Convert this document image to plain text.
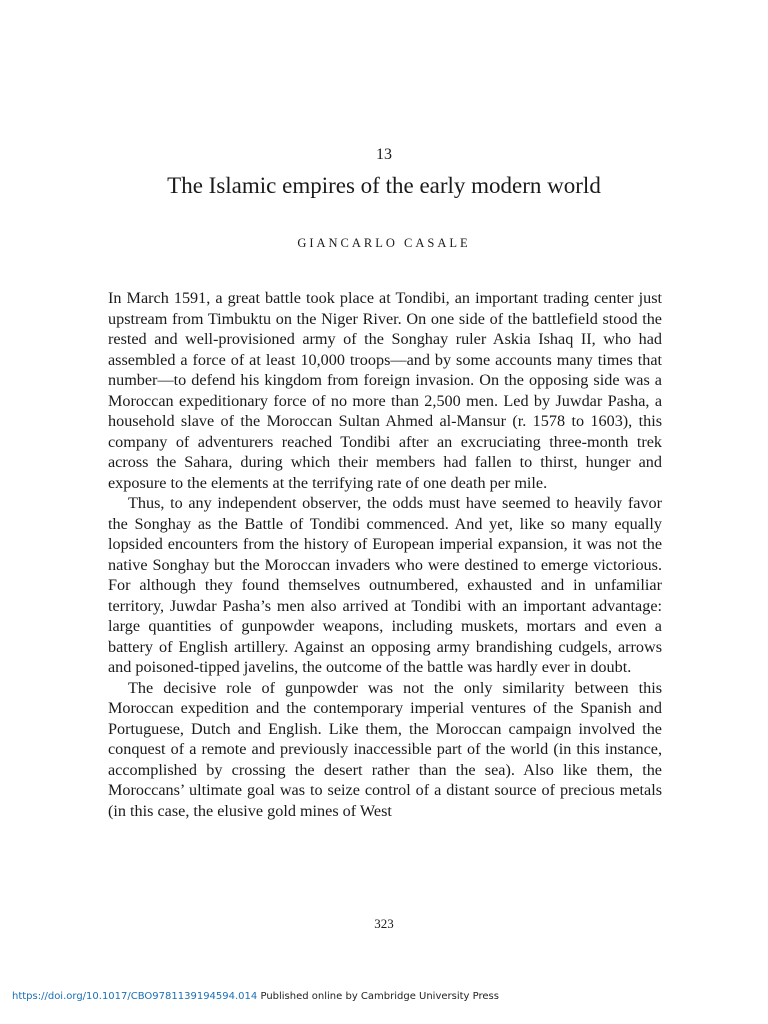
13
The Islamic empires of the early modern world
GIANCARLO CASALE

In March 1591, a great battle took place at Tondibi, an important trading center just upstream from Timbuktu on the Niger River. On one side of the battlefield stood the rested and well-provisioned army of the Songhay ruler Askia Ishaq II, who had assembled a force of at least 10,000 troops—and by some accounts many times that number—to defend his kingdom from foreign invasion. On the opposing side was a Moroccan expeditionary force of no more than 2,500 men. Led by Juwdar Pasha, a household slave of the Moroccan Sultan Ahmed al-Mansur (r. 1578 to 1603), this company of adventurers reached Tondibi after an excruciating three-month trek across the Sahara, during which their members had fallen to thirst, hunger and exposure to the elements at the terrifying rate of one death per mile.

Thus, to any independent observer, the odds must have seemed to heavily favor the Songhay as the Battle of Tondibi commenced. And yet, like so many equally lopsided encounters from the history of European imperial expansion, it was not the native Songhay but the Moroccan invaders who were destined to emerge victorious. For although they found themselves outnumbered, exhausted and in unfamiliar territory, Juwdar Pasha’s men also arrived at Tondibi with an important advantage: large quantities of gunpowder weapons, including muskets, mortars and even a battery of English artillery. Against an opposing army brandishing cudgels, arrows and poisoned-tipped javelins, the outcome of the battle was hardly ever in doubt.

The decisive role of gunpowder was not the only similarity between this Moroccan expedition and the contemporary imperial ventures of the Spanish and Portuguese, Dutch and English. Like them, the Moroccan campaign involved the conquest of a remote and previously inaccessible part of the world (in this instance, accomplished by crossing the desert rather than the sea). Also like them, the Moroccans’ ultimate goal was to seize control of a distant source of precious metals (in this case, the elusive gold mines of West

323
https://doi.org/10.1017/CBO9781139194594.014 Published online by Cambridge University Press
